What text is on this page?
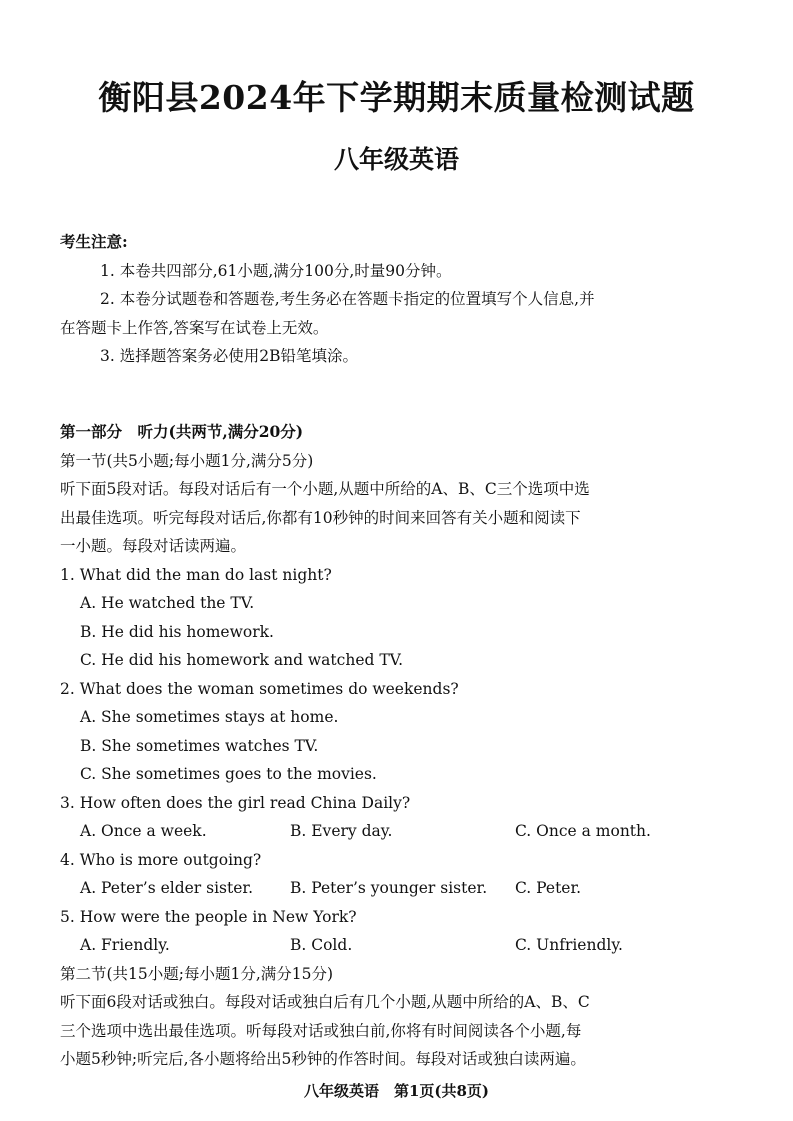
衡阳县2024年下学期期末质量检测试题
八年级英语
考生注意:
1. 本卷共四部分,61小题,满分100分,时量90分钟。
2. 本卷分试题卷和答题卷,考生务必在答题卡指定的位置填写个人信息,并
在答题卡上作答,答案写在试卷上无效。
3. 选择题答案务必使用2B铅笔填涂。
第一部分　听力(共两节,满分20分)
第一节(共5小题;每小题1分,满分5分)
听下面5段对话。每段对话后有一个小题,从题中所给的A、B、C三个选项中选
出最佳选项。听完每段对话后,你都有10秒钟的时间来回答有关小题和阅读下
一小题。每段对话读两遍。
1. What did the man do last night?
A. He watched the TV.
B. He did his homework.
C. He did his homework and watched TV.
2. What does the woman sometimes do weekends?
A. She sometimes stays at home.
B. She sometimes watches TV.
C. She sometimes goes to the movies.
3. How often does the girl read China Daily?
A. Once a week.	B. Every day.	C. Once a month.
4. Who is more outgoing?
A. Peter’s elder sister.	B. Peter’s younger sister.	C. Peter.
5. How were the people in New York?
A. Friendly.	B. Cold.	C. Unfriendly.
第二节(共15小题;每小题1分,满分15分)
听下面6段对话或独白。每段对话或独白后有几个小题,从题中所给的A、B、C
三个选项中选出最佳选项。听每段对话或独白前,你将有时间阅读各个小题,每
小题5秒钟;听完后,各小题将给出5秒钟的作答时间。每段对话或独白读两遍。
八年级英语　第1页(共8页)
